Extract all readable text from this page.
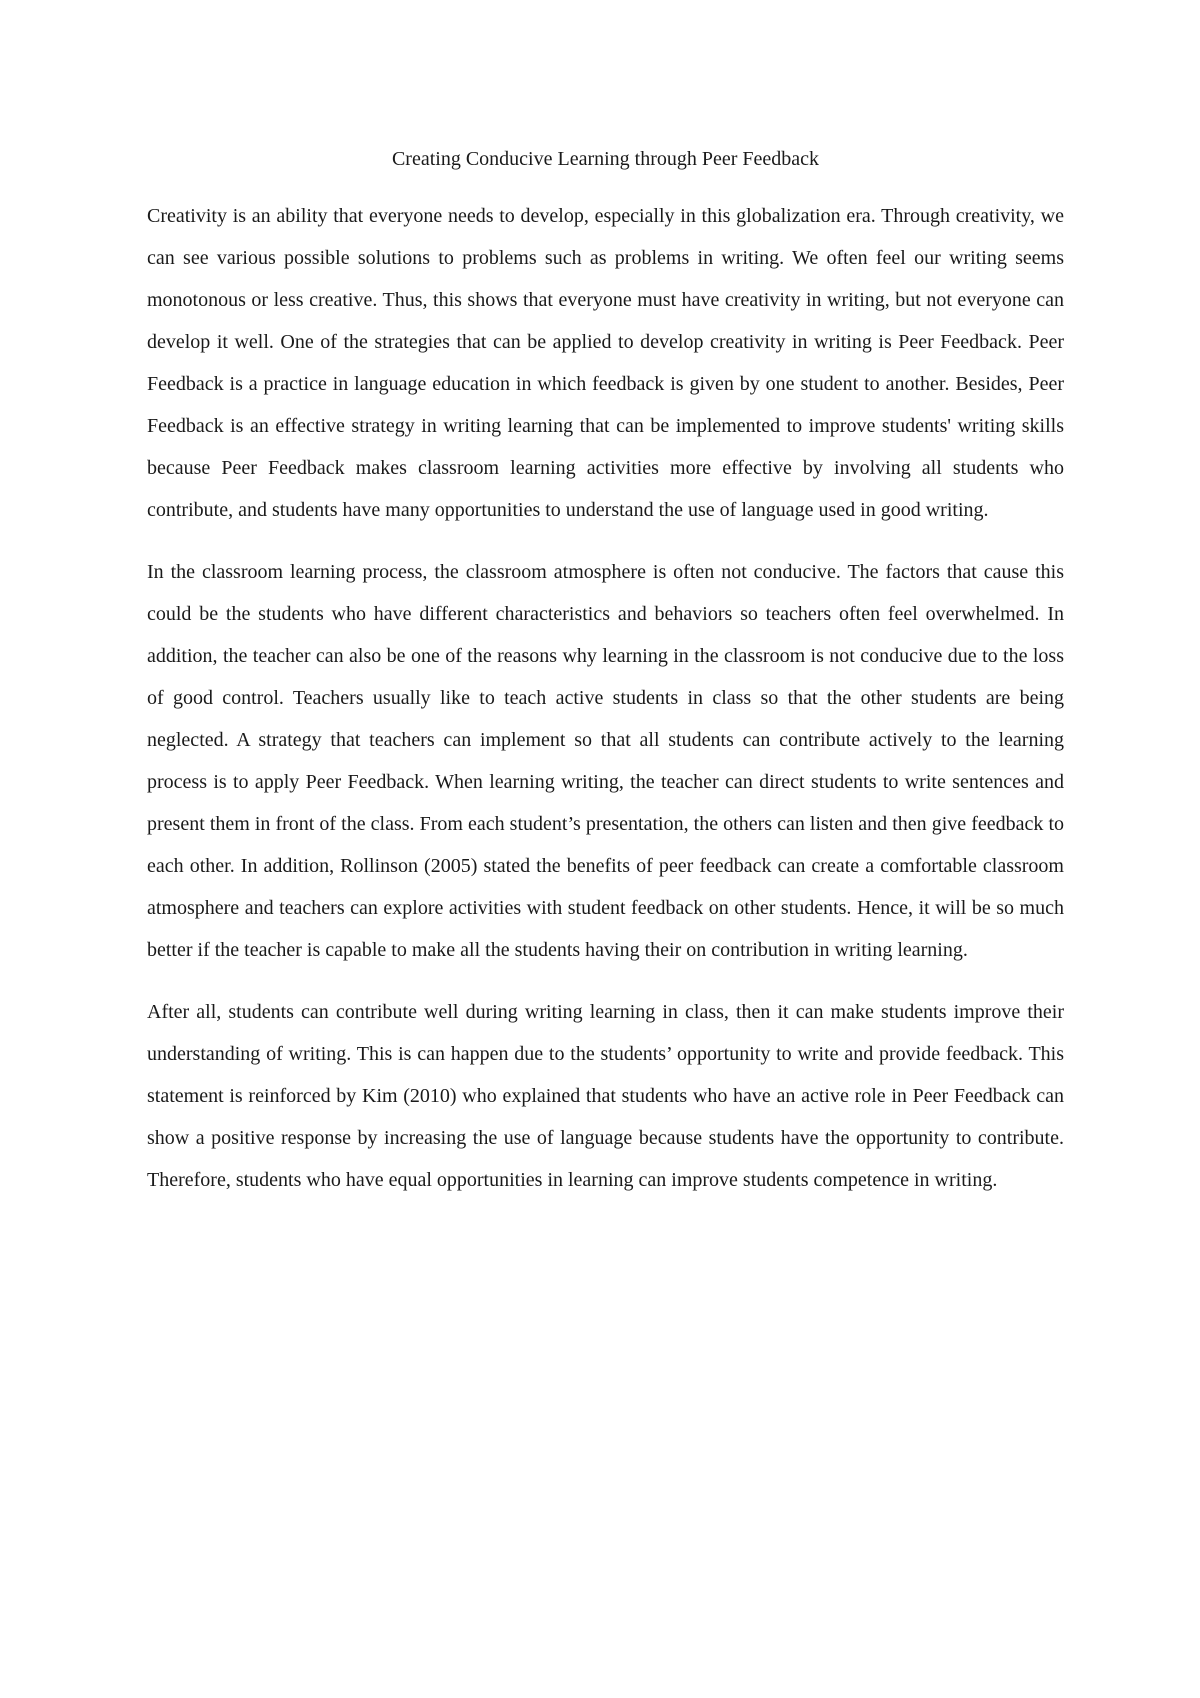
Creating Conducive Learning through Peer Feedback

Creativity is an ability that everyone needs to develop, especially in this globalization era. Through creativity, we can see various possible solutions to problems such as problems in writing. We often feel our writing seems monotonous or less creative. Thus, this shows that everyone must have creativity in writing, but not everyone can develop it well. One of the strategies that can be applied to develop creativity in writing is Peer Feedback. Peer Feedback is a practice in language education in which feedback is given by one student to another. Besides, Peer Feedback is an effective strategy in writing learning that can be implemented to improve students' writing skills because Peer Feedback makes classroom learning activities more effective by involving all students who contribute, and students have many opportunities to understand the use of language used in good writing.

In the classroom learning process, the classroom atmosphere is often not conducive. The factors that cause this could be the students who have different characteristics and behaviors so teachers often feel overwhelmed. In addition, the teacher can also be one of the reasons why learning in the classroom is not conducive due to the loss of good control. Teachers usually like to teach active students in class so that the other students are being neglected. A strategy that teachers can implement so that all students can contribute actively to the learning process is to apply Peer Feedback. When learning writing, the teacher can direct students to write sentences and present them in front of the class. From each student’s presentation, the others can listen and then give feedback to each other. In addition, Rollinson (2005) stated the benefits of peer feedback can create a comfortable classroom atmosphere and teachers can explore activities with student feedback on other students. Hence, it will be so much better if the teacher is capable to make all the students having their on contribution in writing learning.

After all, students can contribute well during writing learning in class, then it can make students improve their understanding of writing. This is can happen due to the students’ opportunity to write and provide feedback. This statement is reinforced by Kim (2010) who explained that students who have an active role in Peer Feedback can show a positive response by increasing the use of language because students have the opportunity to contribute. Therefore, students who have equal opportunities in learning can improve students competence in writing.
